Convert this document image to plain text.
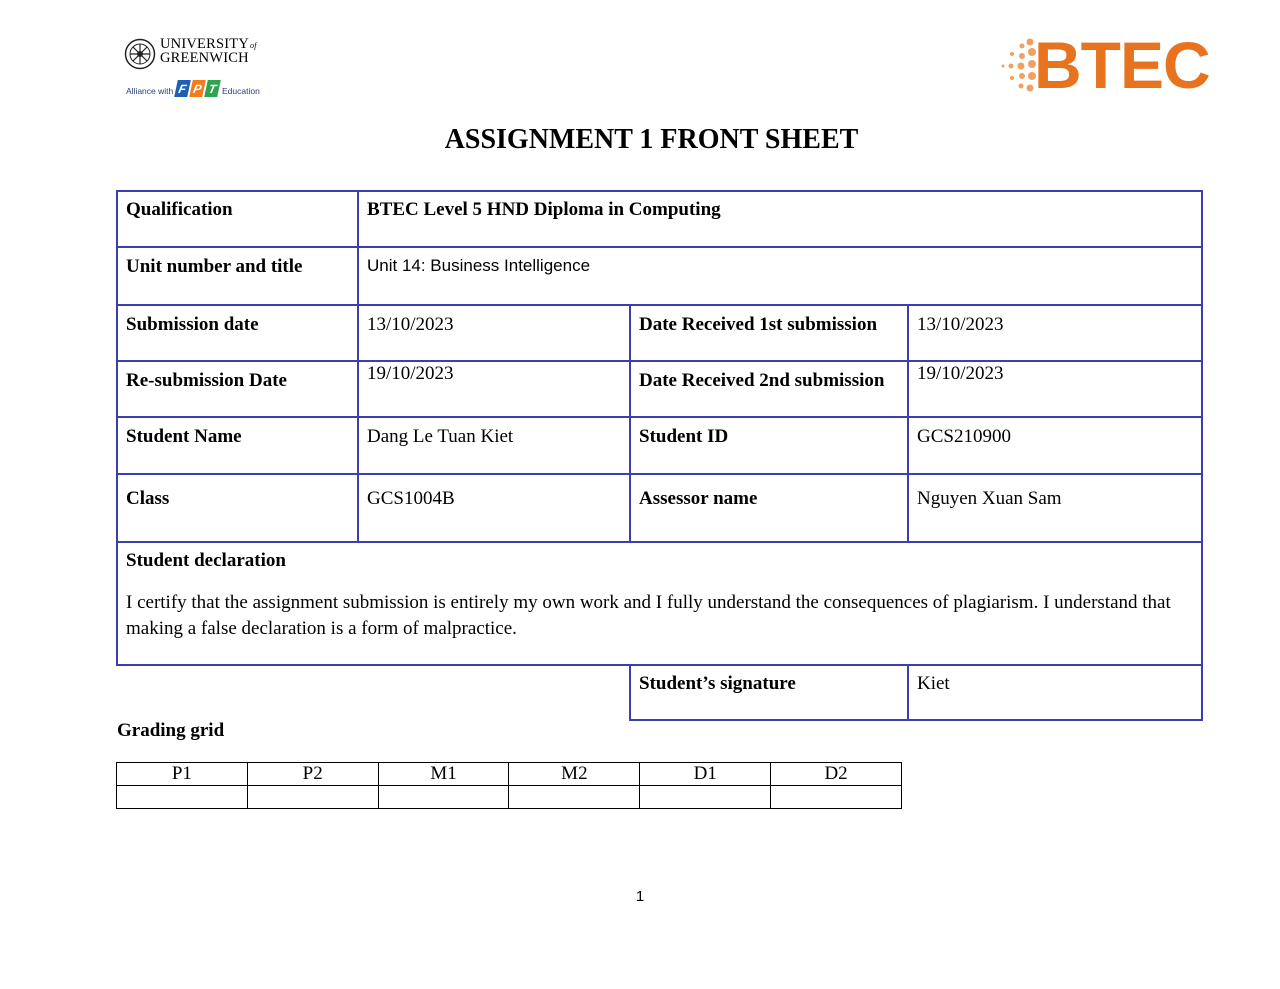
UNIVERSITYof
GREENWICH
Alliance with F P T Education	BTEC
ASSIGNMENT 1 FRONT SHEET
Qualification	BTEC Level 5 HND Diploma in Computing
Unit number and title	Unit 14: Business Intelligence
Submission date	13/10/2023	Date Received 1st submission	13/10/2023
Re-submission Date	19/10/2023	Date Received 2nd submission	19/10/2023
Student Name	Dang Le Tuan Kiet	Student ID	GCS210900
Class	GCS1004B	Assessor name	Nguyen Xuan Sam
Student declaration
I certify that the assignment submission is entirely my own work and I fully understand the consequences of plagiarism. I understand that making a false declaration is a form of malpractice.
Student’s signature	Kiet
Grading grid
P1	P2	M1	M2	D1	D2

1
